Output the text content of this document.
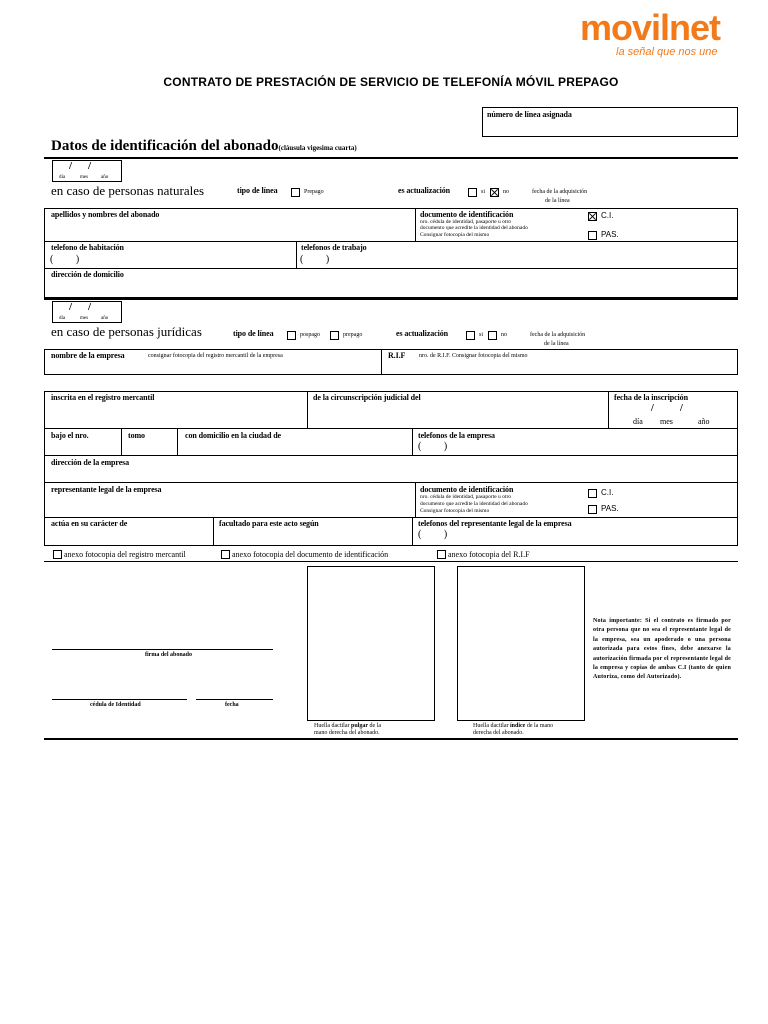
movilnet
la señal que nos une
CONTRATO DE PRESTACIÓN DE SERVICIO DE TELEFONÍA MÓVIL PREPAGO
número de línea asignada
Datos de identificación del abonado(cláusula vigesima cuarta)
/ /
día	mes	año
en caso de personas naturales	tipo de línea	Prepago	es actualización	si	no	fecha de la adquisición
de la línea
apellidos y nombres del abonado	documento de identificación
nro. cédula de identidad, pasaporte u otro
documento que acredite la identidad del abonado
Consignar fotocopia del mismo
C.I.
PAS.
telefono de habitación
(         )
telefonos de trabajo
(         )
dirección de domicilio
/ /
día	mes	año
en caso de personas jurídicas	tipo de línea	pospago	prepago	es actualización	si	no	fecha de la adquisición
de la línea
nombre de la empresa	consignar fotocopia del registro mercantil de la empresa	R.I.F nro. de R.I.F. Consignar fotocopia del mismo
inscrita en el registro mercantil	de la circunscripción judicial del	fecha de la inscripción
/	/
día mes	año
bajo el nro.	tomo	con domicilio en la ciudad de	telefonos de la empresa
(         )
dirección de la empresa
representante legal de la empresa	documento de identificación
nro. cédula de identidad, pasaporte u otro
documento que acredite la identidad del abonado
Consignar fotocopia del mismo
C.I.
PAS.
actúa en su carácter de	facultado para este acto según	telefonos del representante legal de la empresa
(         )
anexo fotocopia del registro mercantil	anexo fotocopia del documento de identificación	anexo fotocopia del R.I.F
firma del abonado
cédula de Identidad	fecha
Huella dactilar pulgar de la
mano derecha del abonado.
Huella dactilar índice de la mano
derecha del abonado.
Nota importante: Si el contrato es firmado por otra persona que no sea el representante legal de la empresa, sea un apoderado o una persona autorizada para estos fines, debe anexarse la autorización firmada por el representante legal de la empresa y copias de ambas C.I (tanto de quien Autoriza, como del Autorizado).
